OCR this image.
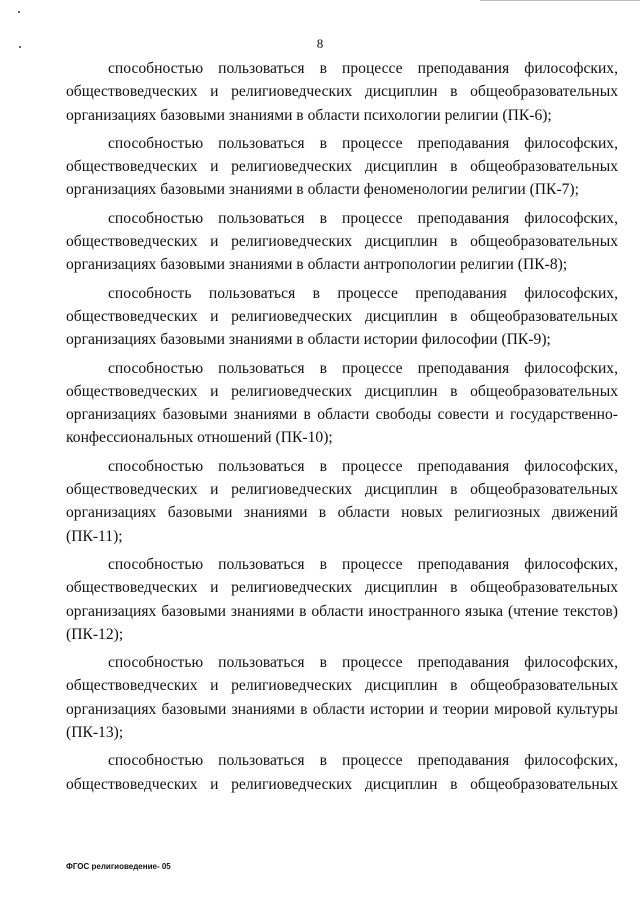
8

способностью пользоваться в процессе преподавания философских, обществоведческих и религиоведческих дисциплин в общеобразовательных организациях базовыми знаниями в области психологии религии (ПК-6);

способностью пользоваться в процессе преподавания философских, обществоведческих и религиоведческих дисциплин в общеобразовательных организациях базовыми знаниями в области феноменологии религии (ПК-7);

способностью пользоваться в процессе преподавания философских, обществоведческих и религиоведческих дисциплин в общеобразовательных организациях базовыми знаниями в области антропологии религии (ПК-8);

способность пользоваться в процессе преподавания философских, обществоведческих и религиоведческих дисциплин в общеобразовательных организациях базовыми знаниями в области истории философии (ПК-9);

способностью пользоваться в процессе преподавания философских, обществоведческих и религиоведческих дисциплин в общеобразовательных организациях базовыми знаниями в области свободы совести и государственно-конфессиональных отношений (ПК-10);

способностью пользоваться в процессе преподавания философских, обществоведческих и религиоведческих дисциплин в общеобразовательных организациях базовыми знаниями в области новых религиозных движений (ПК-11);

способностью пользоваться в процессе преподавания философских, обществоведческих и религиоведческих дисциплин в общеобразовательных организациях базовыми знаниями в области иностранного языка (чтение текстов) (ПК-12);

способностью пользоваться в процессе преподавания философских, обществоведческих и религиоведческих дисциплин в общеобразовательных организациях базовыми знаниями в области истории и теории мировой культуры (ПК-13);

способностью пользоваться в процессе преподавания философских, обществоведческих и религиоведческих дисциплин в общеобразовательных

ФГОС религиоведение- 05
